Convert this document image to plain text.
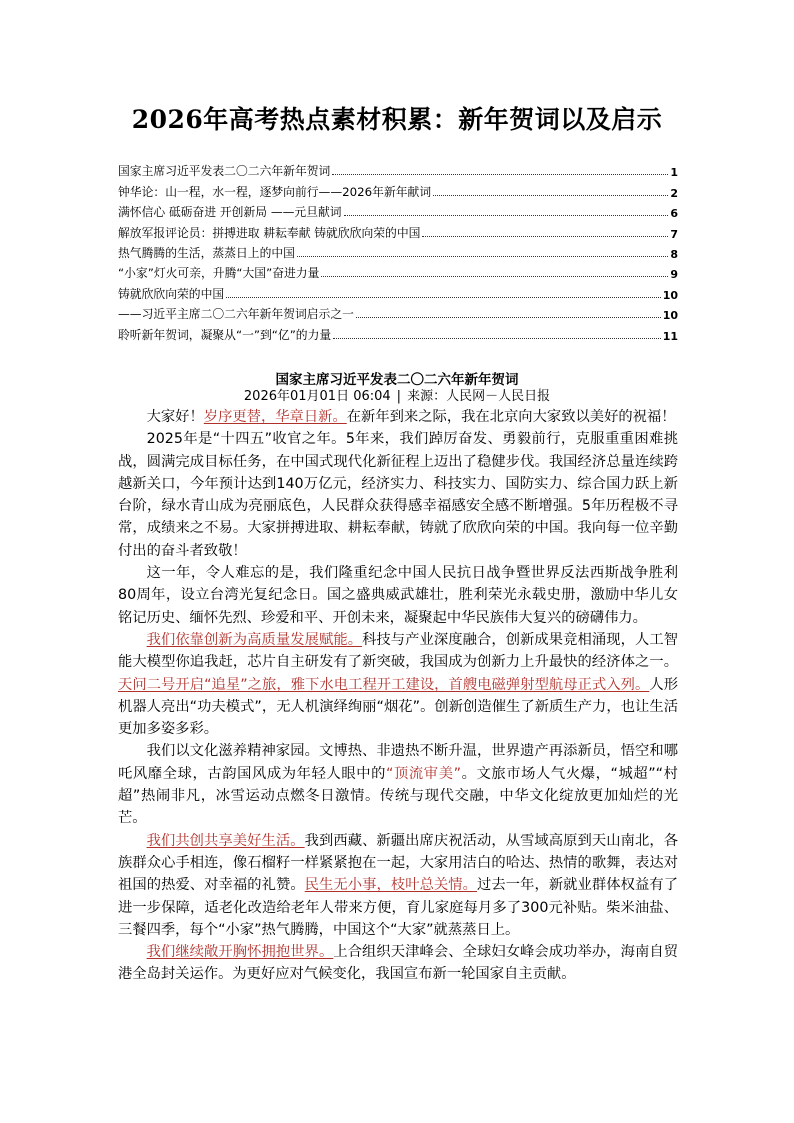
2026年高考热点素材积累：新年贺词以及启示
国家主席习近平发表二〇二六年新年贺词	1
钟华论：山一程，水一程，逐梦向前行——2026年新年献词	2
满怀信心 砥砺奋进 开创新局 ——元旦献词	6
解放军报评论员：拼搏进取 耕耘奉献 铸就欣欣向荣的中国	7
热气腾腾的生活，蒸蒸日上的中国	8
“小家”灯火可亲，升腾“大国”奋进力量	9
铸就欣欣向荣的中国	10
——习近平主席二〇二六年新年贺词启示之一	10
聆听新年贺词，凝聚从“一”到“亿”的力量	11
国家主席习近平发表二〇二六年新年贺词
2026年01月01日 06:04 | 来源：人民网－人民日报

大家好！岁序更替，华章日新。在新年到来之际，我在北京向大家致以美好的祝福！

2025年是“十四五”收官之年。5年来，我们踔厉奋发、勇毅前行，克服重重困难挑战，圆满完成目标任务，在中国式现代化新征程上迈出了稳健步伐。我国经济总量连续跨越新关口，今年预计达到140万亿元，经济实力、科技实力、国防实力、综合国力跃上新台阶，绿水青山成为亮丽底色，人民群众获得感幸福感安全感不断增强。5年历程极不寻常，成绩来之不易。大家拼搏进取、耕耘奉献，铸就了欣欣向荣的中国。我向每一位辛勤付出的奋斗者致敬！

这一年，令人难忘的是，我们隆重纪念中国人民抗日战争暨世界反法西斯战争胜利80周年，设立台湾光复纪念日。国之盛典威武雄壮，胜利荣光永载史册，激励中华儿女铭记历史、缅怀先烈、珍爱和平、开创未来，凝聚起中华民族伟大复兴的磅礴伟力。

我们依靠创新为高质量发展赋能。科技与产业深度融合，创新成果竞相涌现，人工智能大模型你追我赶，芯片自主研发有了新突破，我国成为创新力上升最快的经济体之一。天问二号开启“追星”之旅，雅下水电工程开工建设，首艘电磁弹射型航母正式入列。人形机器人亮出“功夫模式”，无人机演绎绚丽“烟花”。创新创造催生了新质生产力，也让生活更加多姿多彩。

我们以文化滋养精神家园。文博热、非遗热不断升温，世界遗产再添新员，悟空和哪吒风靡全球，古韵国风成为年轻人眼中的“顶流审美”。文旅市场人气火爆，“城超”“村超”热闹非凡，冰雪运动点燃冬日激情。传统与现代交融，中华文化绽放更加灿烂的光芒。

我们共创共享美好生活。我到西藏、新疆出席庆祝活动，从雪域高原到天山南北，各族群众心手相连，像石榴籽一样紧紧抱在一起，大家用洁白的哈达、热情的歌舞，表达对祖国的热爱、对幸福的礼赞。民生无小事，枝叶总关情。过去一年，新就业群体权益有了进一步保障，适老化改造给老年人带来方便，育儿家庭每月多了300元补贴。柴米油盐、三餐四季，每个“小家”热气腾腾，中国这个“大家”就蒸蒸日上。

我们继续敞开胸怀拥抱世界。上合组织天津峰会、全球妇女峰会成功举办，海南自贸港全岛封关运作。为更好应对气候变化，我国宣布新一轮国家自主贡献。
